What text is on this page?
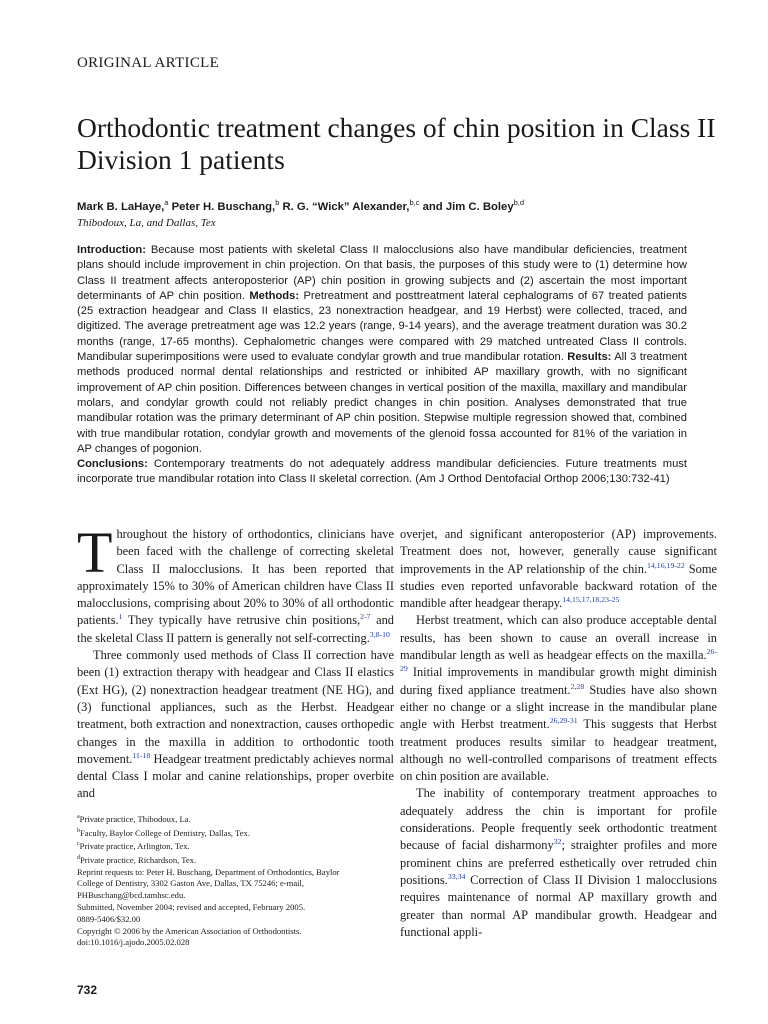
ORIGINAL ARTICLE
Orthodontic treatment changes of chin position in Class II Division 1 patients
Mark B. LaHaye,$^a$ Peter H. Buschang,$^b$ R. G. “Wick” Alexander,$^{b,c}$ and Jim C. Boley$^{b,d}$
Thibodoux, La, and Dallas, Tex

Introduction: Because most patients with skeletal Class II malocclusions also have mandibular deficiencies, treatment plans should include improvement in chin projection. On that basis, the purposes of this study were to (1) determine how Class II treatment affects anteroposterior (AP) chin position in growing subjects and (2) ascertain the most important determinants of AP chin position. Methods: Pretreatment and posttreatment lateral cephalograms of 67 treated patients (25 extraction headgear and Class II elastics, 23 nonextraction headgear, and 19 Herbst) were collected, traced, and digitized. The average pretreatment age was 12.2 years (range, 9-14 years), and the average treatment duration was 30.2 months (range, 17-65 months). Cephalometric changes were compared with 29 matched untreated Class II controls. Mandibular superimpositions were used to evaluate condylar growth and true mandibular rotation. Results: All 3 treatment methods produced normal dental relationships and restricted or inhibited AP maxillary growth, with no significant improvement of AP chin position. Differences between changes in vertical position of the maxilla, maxillary and mandibular molars, and condylar growth could not reliably predict changes in chin position. Analyses demonstrated that true mandibular rotation was the primary determinant of AP chin position. Stepwise multiple regression showed that, combined with true mandibular rotation, condylar growth and movements of the glenoid fossa accounted for 81% of the variation in AP changes of pogonion.
Conclusions: Contemporary treatments do not adequately address mandibular deficiencies. Future treatments must incorporate true mandibular rotation into Class II skeletal correction. (Am J Orthod Dentofacial Orthop 2006;130:732-41)

Throughout the history of orthodontics, clinicians have been faced with the challenge of correcting skeletal Class II malocclusions. It has been reported that approximately 15% to 30% of American children have Class II malocclusions, comprising about 20% to 30% of all orthodontic patients.$^1$ They typically have retrusive chin positions,$^{2-7}$ and the skeletal Class II pattern is generally not self-correcting.$^{3,8-10}$

Three commonly used methods of Class II correction have been (1) extraction therapy with headgear and Class II elastics (Ext HG), (2) nonextraction headgear treatment (NE HG), and (3) functional appliances, such as the Herbst. Headgear treatment, both extraction and nonextraction, causes orthopedic changes in the maxilla in addition to orthodontic tooth movement.$^{11-18}$ Headgear treatment predictably achieves normal dental Class I molar and canine relationships, proper overbite and

overjet, and significant anteroposterior (AP) improvements. Treatment does not, however, generally cause significant improvements in the AP relationship of the chin.$^{14,16,19-22}$ Some studies even reported unfavorable backward rotation of the mandible after headgear therapy.$^{14,15,17,18,23-25}$

Herbst treatment, which can also produce acceptable dental results, has been shown to cause an overall increase in mandibular length as well as headgear effects on the maxilla.$^{26-29}$ Initial improvements in mandibular growth might diminish during fixed appliance treatment.$^{2,28}$ Studies have also shown either no change or a slight increase in the mandibular plane angle with Herbst treatment.$^{26,29-31}$ This suggests that Herbst treatment produces results similar to headgear treatment, although no well-controlled comparisons of treatment effects on chin position are available.

The inability of contemporary treatment approaches to adequately address the chin is important for profile considerations. People frequently seek orthodontic treatment because of facial disharmony$^{32}$; straighter profiles and more prominent chins are preferred esthetically over retruded chin positions.$^{33,34}$ Correction of Class II Division 1 malocclusions requires maintenance of normal AP maxillary growth and greater than normal AP mandibular growth. Headgear and functional appli-

$^a$Private practice, Thibodoux, La.
$^b$Faculty, Baylor College of Dentistry, Dallas, Tex.
$^c$Private practice, Arlington, Tex.
$^d$Private practice, Richardson, Tex.
Reprint requests to: Peter H. Buschang, Department of Orthodontics, Baylor
College of Dentistry, 3302 Gaston Ave, Dallas, TX 75246; e-mail,
PHBuschang@bcd.tamhsc.edu.
Submitted, November 2004; revised and accepted, February 2005.
0889-5406/$32.00
Copyright © 2006 by the American Association of Orthodontists.
doi:10.1016/j.ajodo.2005.02.028
732
